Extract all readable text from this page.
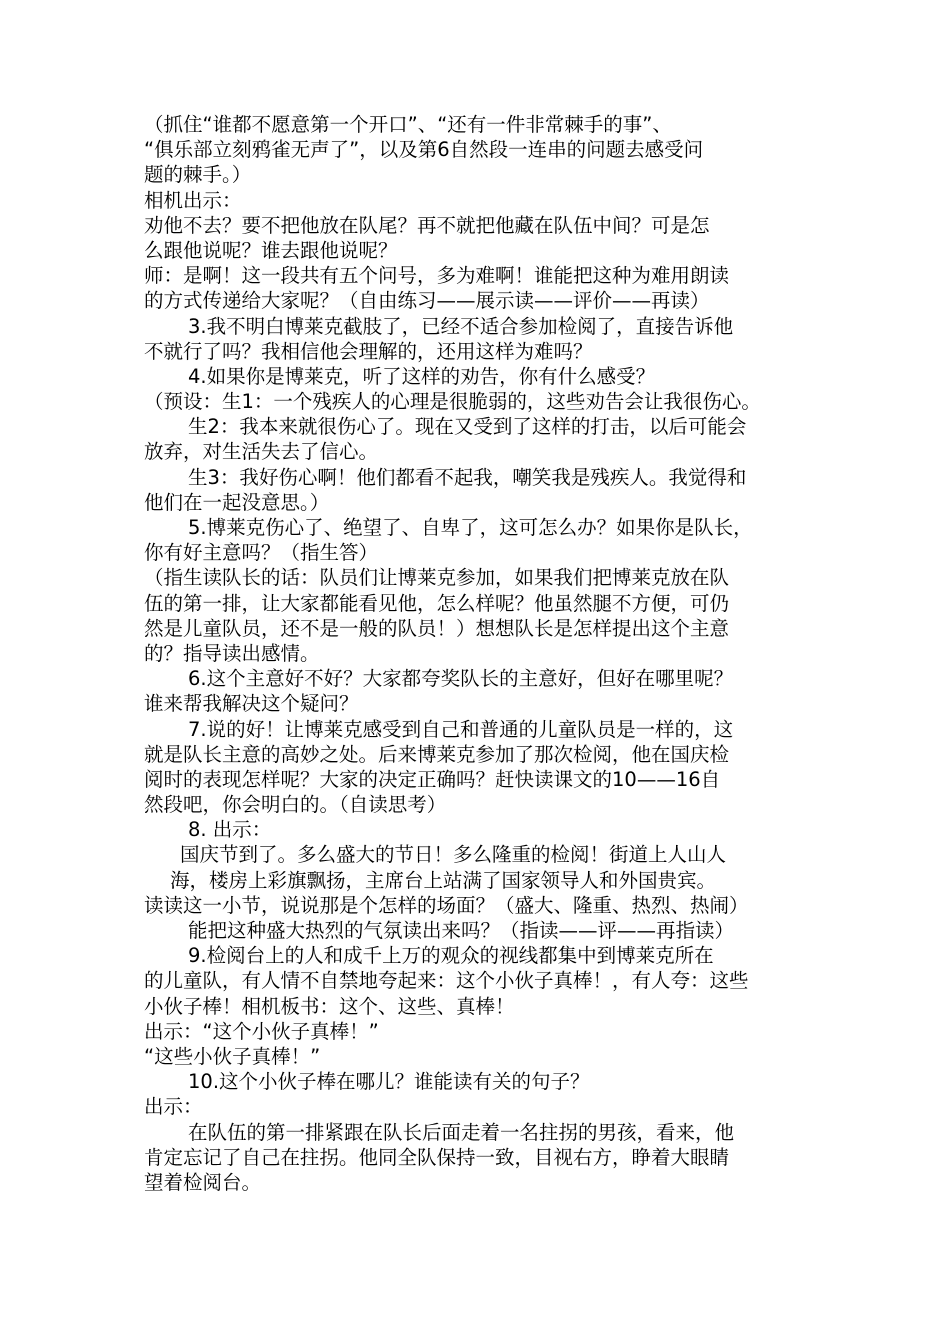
（抓住“谁都不愿意第一个开口”、“还有一件非常棘手的事”、
“俱乐部立刻鸦雀无声了”，以及第6自然段一连串的问题去感受问
题的棘手。）
相机出示：
劝他不去？要不把他放在队尾？再不就把他藏在队伍中间？可是怎
么跟他说呢？谁去跟他说呢？
师：是啊！这一段共有五个问号，多为难啊！谁能把这种为难用朗读
的方式传递给大家呢？（自由练习——展示读——评价——再读）
3.我不明白博莱克截肢了，已经不适合参加检阅了，直接告诉他
不就行了吗？我相信他会理解的，还用这样为难吗？
4.如果你是博莱克，听了这样的劝告，你有什么感受？
（预设：生1：一个残疾人的心理是很脆弱的，这些劝告会让我很伤心。
生2：我本来就很伤心了。现在又受到了这样的打击，以后可能会
放弃，对生活失去了信心。
生3：我好伤心啊！他们都看不起我，嘲笑我是残疾人。我觉得和
他们在一起没意思。）
5.博莱克伤心了、绝望了、自卑了，这可怎么办？如果你是队长，
你有好主意吗？（指生答）
（指生读队长的话：队员们让博莱克参加，如果我们把博莱克放在队
伍的第一排，让大家都能看见他，怎么样呢？他虽然腿不方便，可仍
然是儿童队员，还不是一般的队员！）想想队长是怎样提出这个主意
的？指导读出感情。
6.这个主意好不好？大家都夸奖队长的主意好，但好在哪里呢？
谁来帮我解决这个疑问？
7.说的好！让博莱克感受到自己和普通的儿童队员是一样的，这
就是队长主意的高妙之处。后来博莱克参加了那次检阅，他在国庆检
阅时的表现怎样呢？大家的决定正确吗？赶快读课文的10——16自
然段吧，你会明白的。（自读思考）
8. 出示：
国庆节到了。多么盛大的节日！多么隆重的检阅！街道上人山人
海，楼房上彩旗飘扬，主席台上站满了国家领导人和外国贵宾。
读读这一小节，说说那是个怎样的场面？（盛大、隆重、热烈、热闹）
能把这种盛大热烈的气氛读出来吗？（指读——评——再指读）
9.检阅台上的人和成千上万的观众的视线都集中到博莱克所在
的儿童队，有人情不自禁地夸起来：这个小伙子真棒！，有人夸：这些
小伙子棒！相机板书：这个、这些、真棒！
出示：“这个小伙子真棒！”
“这些小伙子真棒！”
10.这个小伙子棒在哪儿？谁能读有关的句子？
出示：
在队伍的第一排紧跟在队长后面走着一名拄拐的男孩，看来，他
肯定忘记了自己在拄拐。他同全队保持一致，目视右方，睁着大眼睛
望着检阅台。
